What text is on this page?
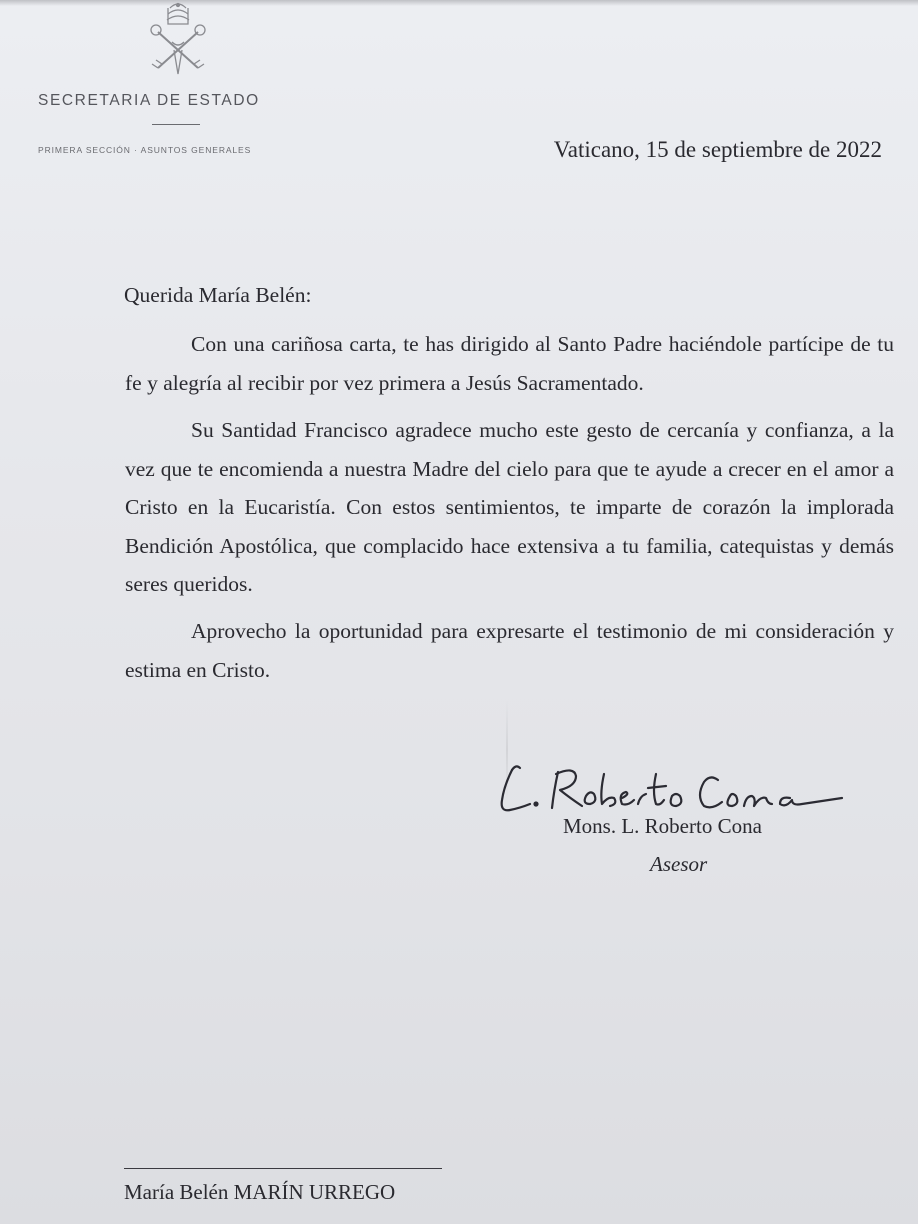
SECRETARIA DE ESTADO
PRIMERA SECCIÓN · ASUNTOS GENERALES	Vaticano, 15 de septiembre de 2022
Querida María Belén:

Con una cariñosa carta, te has dirigido al Santo Padre haciéndole partícipe de tu fe y alegría al recibir por vez primera a Jesús Sacramentado.

Su Santidad Francisco agradece mucho este gesto de cercanía y confianza, a la vez que te encomienda a nuestra Madre del cielo para que te ayude a crecer en el amor a Cristo en la Eucaristía. Con estos sentimientos, te imparte de corazón la implorada Bendición Apostólica, que complacido hace extensiva a tu familia, catequistas y demás seres queridos.

Aprovecho la oportunidad para expresarte el testimonio de mi consideración y estima en Cristo.

Mons. L. Roberto Cona
Asesor
María Belén MARÍN URREGO
